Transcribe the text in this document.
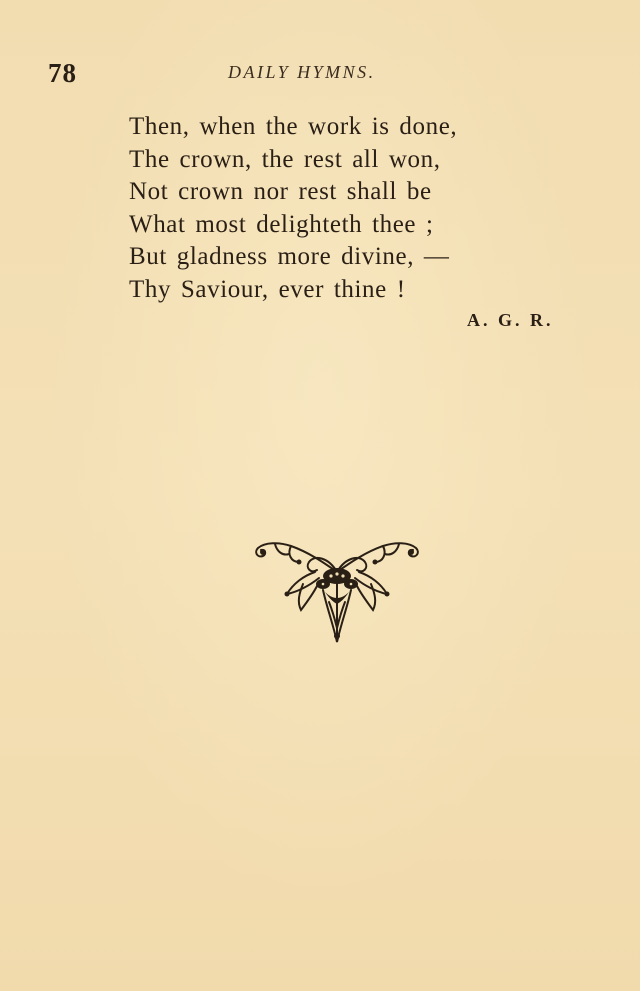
78	DAILY HYMNS.
Then, when the work is done,
The crown, the rest all won,
Not crown nor rest shall be
What most delighteth thee ;
But gladness more divine, —
Thy Saviour, ever thine !
A. G. R.
